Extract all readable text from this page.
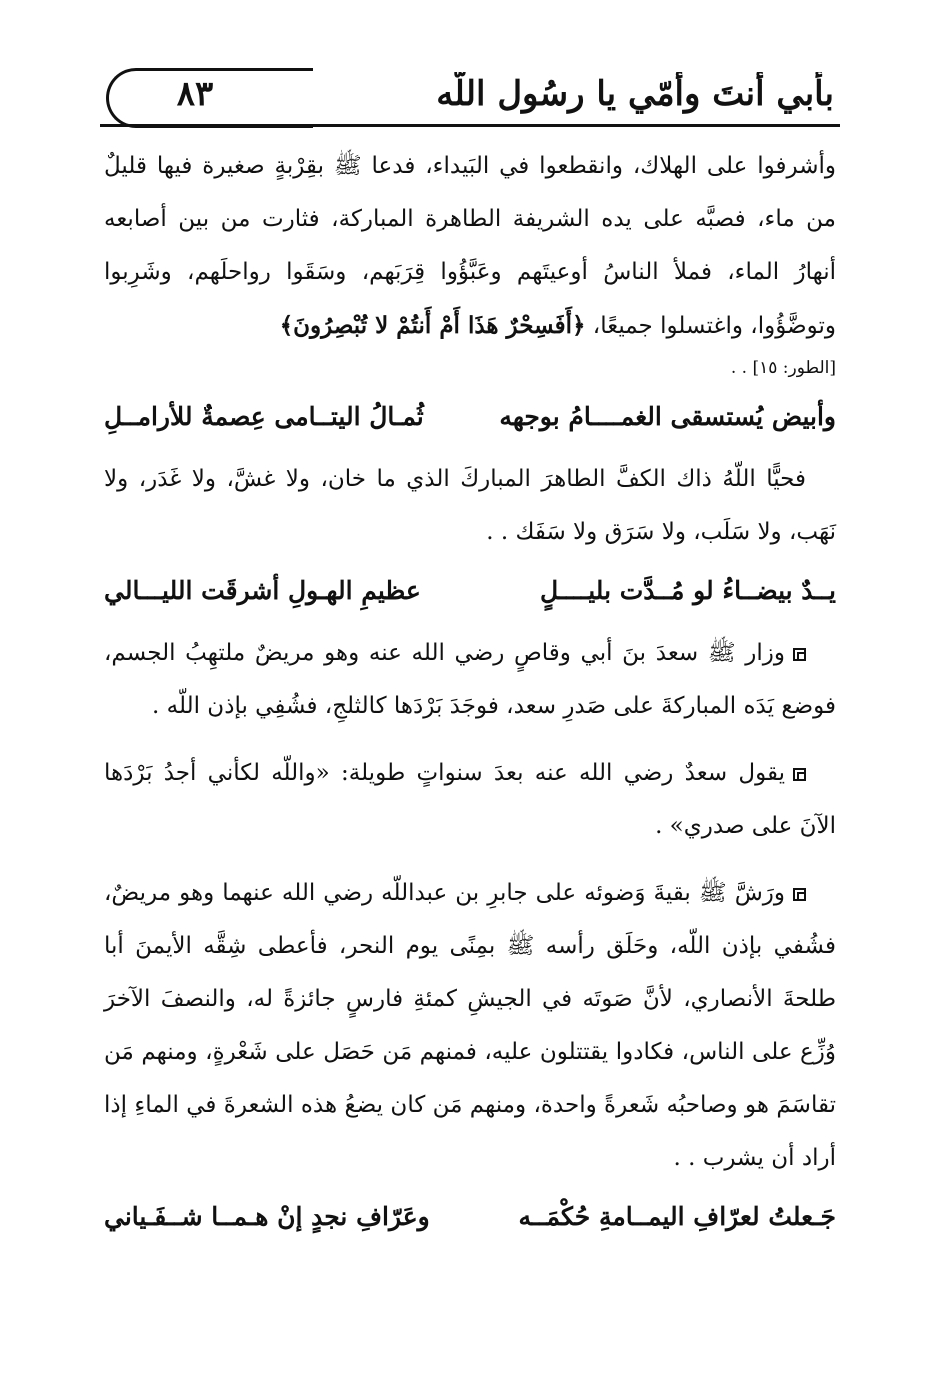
٨٣	بأبي أنتَ وأُمّي يا رسُول اللّه

وأشرفوا على الهلاك، وانقطعوا في البَيداء، فدعا ﷺ بقِرْبةٍ صغيرة فيها قليلٌ من ماء، فصبَّه على يده الشريفة الطاهرة المباركة، فثارت من بين أصابعه أنهارُ الماء، فملأ الناسُ أوعيتَهم وعَبَّؤُوا قِرَبَهم، وسَقَوا رواحلَهم، وشَرِبوا وتوضَّؤُوا، واغتسلوا جميعًا، ﴿أَفَسِحْرٌ هَذَا أَمْ أَنتُمْ لا تُبْصِرُونَ﴾

[الطور: ١٥] . .

وأبيض يُستسقى الغمــــامُ بوجهه
ثُمـالُ اليتــامى عِصمةٌ للأرامــلِ

فحيًّا اللّهُ ذاك الكفَّ الطاهرَ المباركَ الذي ما خان، ولا غشَّ، ولا غَدَر، ولا نَهَب، ولا سَلَب، ولا سَرَق ولا سَفَك . .

يــدٌ بيضــاءُ لو مُــدَّت بليــــلٍ
عظيمِ الهـولِ أشرقَت الليـــالي

وزار ﷺ سعدَ بنَ أبي وقاصٍ رضي الله عنه وهو مريضٌ ملتهِبُ الجسم، فوضع يَدَه المباركةَ على صَدرِ سعد، فوجَدَ بَرْدَها كالثلجِ، فشُفِي بإذن اللّه .

يقول سعدٌ رضي الله عنه بعدَ سنواتٍ طويلة: «واللّه لكأني أجدُ بَرْدَها الآنَ على صدري» .

ورَشَّ ﷺ بقيةَ وَضوئه على جابرِ بن عبداللّه رضي الله عنهما وهو مريضٌ، فشُفي بإذن اللّه، وحَلَق رأسه ﷺ بمِنًى يوم النحر، فأعطى شِقَّه الأيمنَ أبا طلحةَ الأنصاري، لأنَّ صَوتَه في الجيشِ كمئةِ فارسٍ جائزةً له، والنصفَ الآخرَ وُزِّع على الناس، فكادوا يقتتلون عليه، فمنهم مَن حَصَل على شَعْرةٍ، ومنهم مَن تقاسَمَ هو وصاحبُه شَعرةً واحدة، ومنهم مَن كان يضعُ هذه الشعرةَ في الماءِ إذا أراد أن يشرب . .

جَـعلتُ لعرّافِ اليمــامةِ حُكْمَــه
وعَرّافِ نجدٍ إنْ هـمــا شــفَـياني
